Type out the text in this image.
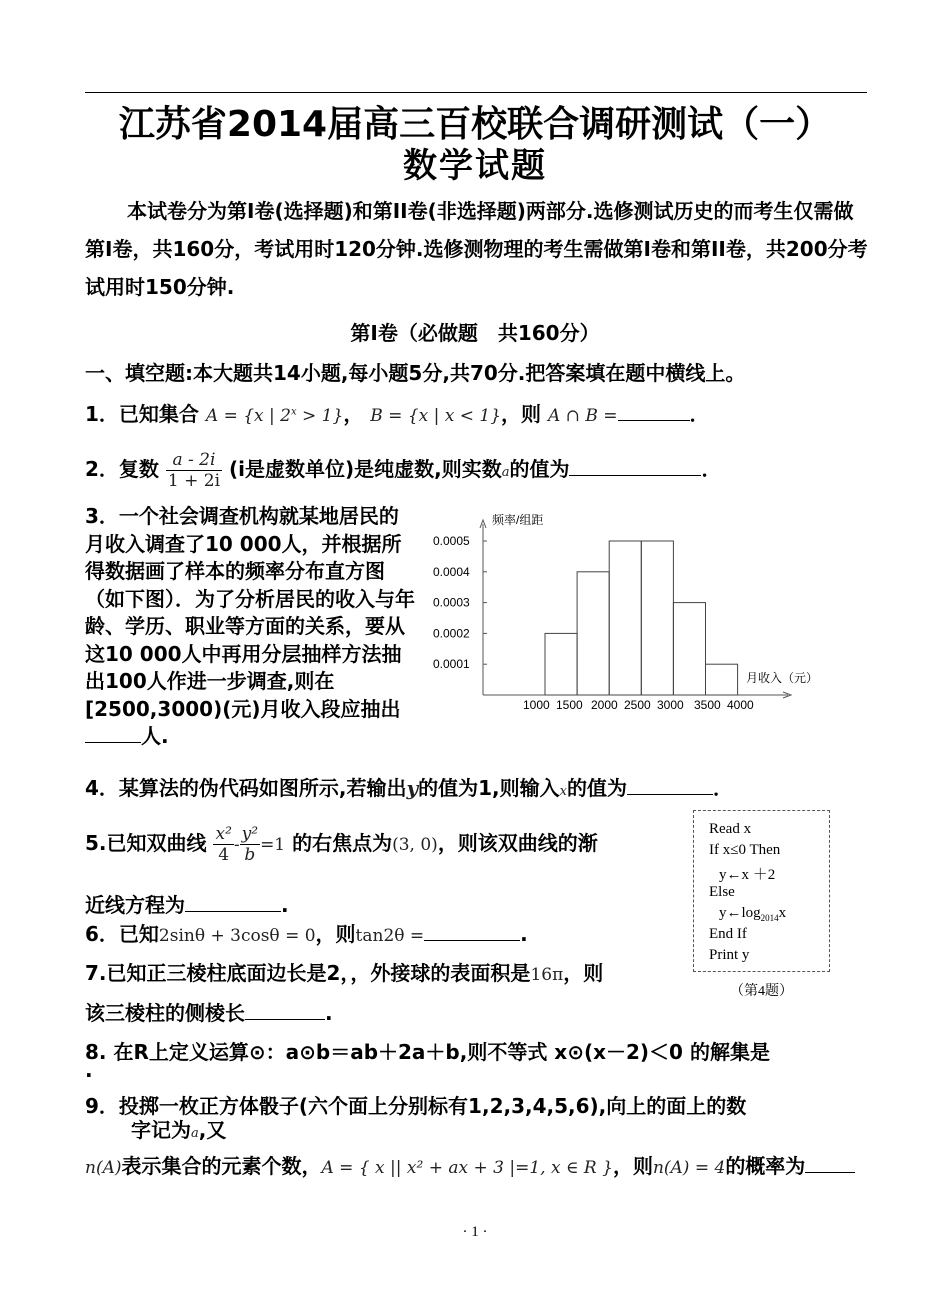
江苏省2014届高三百校联合调研测试（一）
数学试题
本试卷分为第Ⅰ卷(选择题)和第ⅠⅠ卷(非选择题)两部分.选修测试历史的而考生仅需做第Ⅰ卷，共160分，考试用时120分钟.选修测物理的考生需做第Ⅰ卷和第ⅠⅠ卷，共200分考试用时150分钟.
第Ⅰ卷（必做题　共160分）
一、填空题:本大题共14小题,每小题5分,共70分.把答案填在题中横线上。
1．已知集合 A = {x | $2^x > 1$}， B = {x | x < 1}，则 A ∩ B =	．
2．复数 $\frac{a - 2i}{1 + 2i} (i$是虚数单位)是纯虚数,则实数a的值为	．
3．一个社会调查机构就某地居民的月收入调查了10 000人，并根据所得数据画了样本的频率分布直方图（如下图）．为了分析居民的收入与年龄、学历、职业等方面的关系，要从这10 000人中再用分层抽样方法抽出100人作进一步调查,则在[2500,3000)(元)月收入段应抽出人.
0.0001
0.0002
0.0003
0.0004
0.0005
1000 1500 2000 2500 3000 3500 4000
频率/组距
月收入（元）
4．某算法的伪代码如图所示,若输出y的值为1,则输入x的值为	．
Read x
If x≤0 Then
y←x ＋2
Else
$y\leftarrow\log_{2014}x$
End If
Print y
（第4题）
5.已知双曲线 $\frac{\text{x²}}{4} - \frac{\text{y²}}{b} =1$ 的右焦点为(3, 0)，则该双曲线的渐
近线方程为	.
6．已知2sinθ + 3cosθ = 0，则tan2θ =	.
7.已知正三棱柱底面边长是2，，外接球的表面积是16π，则
该三棱柱的侧棱长	.
8. 在R上定义运算⊙：a⊙b＝ab＋2a＋b,则不等式 x⊙(x－2)＜0 的解集是
.
9．投掷一枚正方体骰子(六个面上分别标有1,2,3,4,5,6),向上的面上的数
字记为a,又
n(A)表示集合的元素个数，A = { x || x² + ax + 3 |=1, x ∈ R }，则n(A) = 4的概率为
· 1 ·
